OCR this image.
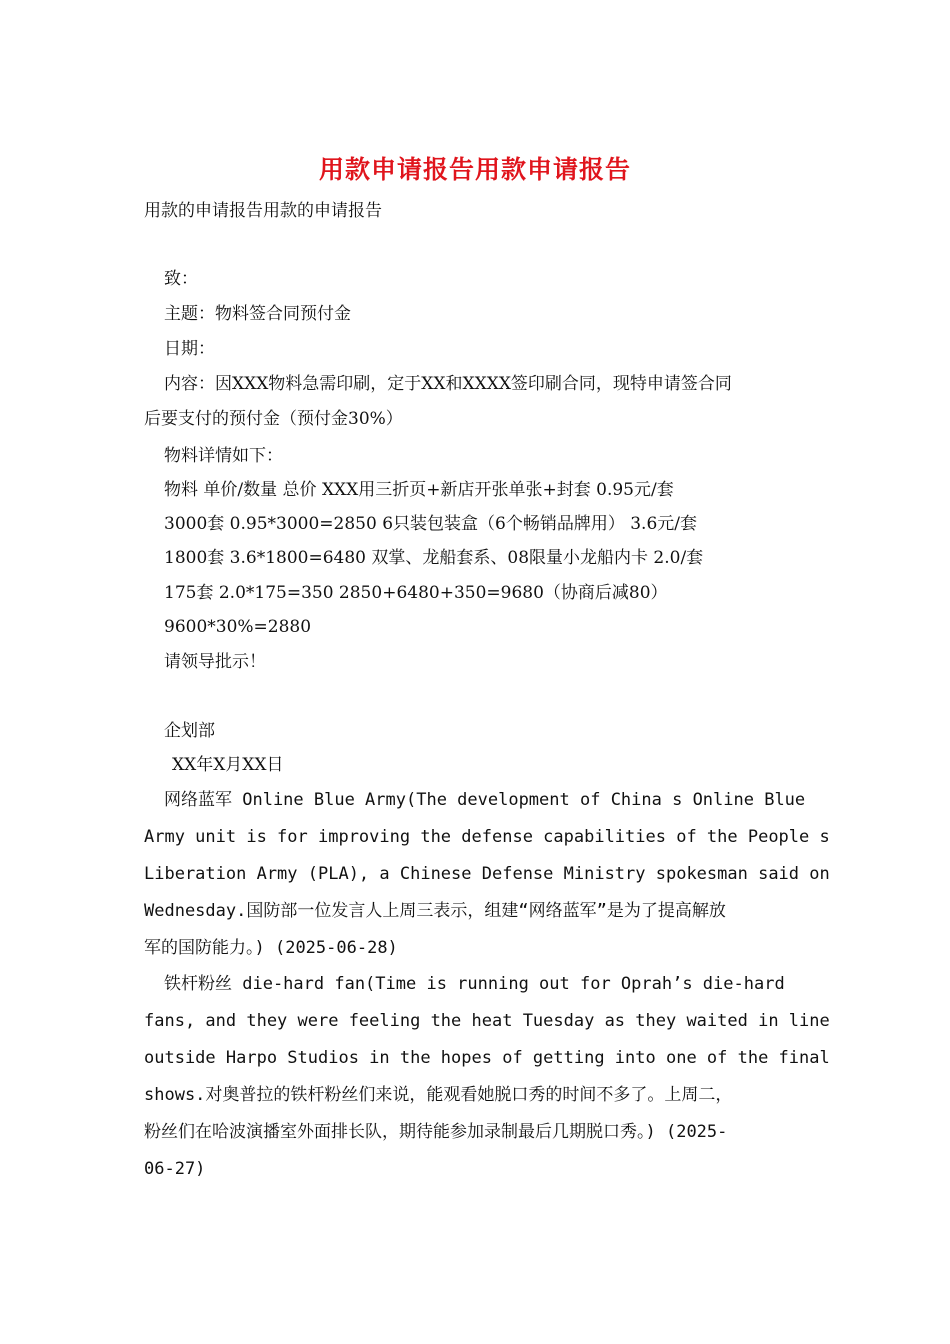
用款申请报告用款申请报告
用款的申请报告用款的申请报告
致：
主题：物料签合同预付金
日期：
内容：因XXX物料急需印刷，定于XX和XXXX签印刷合同，现特申请签合同
后要支付的预付金（预付金30%）
物料详情如下：
物料 单价/数量 总价 XXX用三折页+新店开张单张+封套 0.95元/套
3000套 0.95*3000=2850 6只装包装盒（6个畅销品牌用） 3.6元/套
1800套 3.6*1800=6480 双掌、龙船套系、08限量小龙船内卡 2.0/套
175套 2.0*175=350 2850+6480+350=9680（协商后减80）
9600*30%=2880
请领导批示！
企划部
XX年X月XX日
网络蓝军 Online Blue Army(The development of China s Online Blue
Army unit is for improving the defense capabilities of the People s
Liberation Army (PLA), a Chinese Defense Ministry spokesman said on
Wednesday.国防部一位发言人上周三表示，组建“网络蓝军”是为了提高解放
军的国防能力。) (2025-06-28)
铁杆粉丝 die-hard fan(Time is running out for Oprah’s die-hard
fans, and they were feeling the heat Tuesday as they waited in line
outside Harpo Studios in the hopes of getting into one of the final
shows.对奥普拉的铁杆粉丝们来说，能观看她脱口秀的时间不多了。上周二，
粉丝们在哈波演播室外面排长队，期待能参加录制最后几期脱口秀。) (2025-
06-27)
